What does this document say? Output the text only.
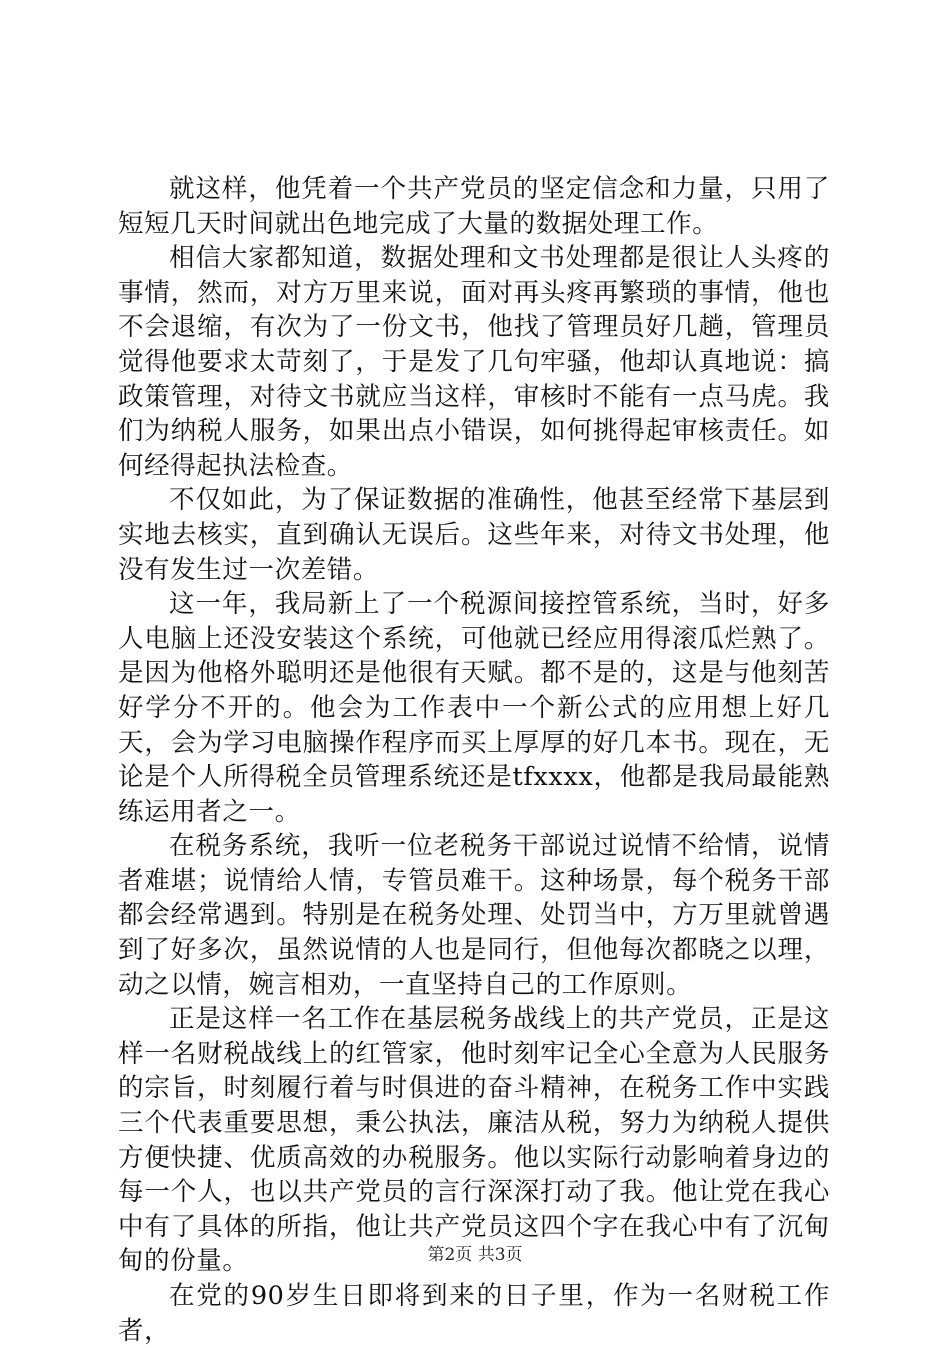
就这样，他凭着一个共产党员的坚定信念和力量，只用了短短几天时间就出色地完成了大量的数据处理工作。

相信大家都知道，数据处理和文书处理都是很让人头疼的事情，然而，对方万里来说，面对再头疼再繁琐的事情，他也不会退缩，有次为了一份文书，他找了管理员好几趟，管理员觉得他要求太苛刻了，于是发了几句牢骚，他却认真地说：搞政策管理，对待文书就应当这样，审核时不能有一点马虎。我们为纳税人服务，如果出点小错误，如何挑得起审核责任。如何经得起执法检查。

不仅如此，为了保证数据的准确性，他甚至经常下基层到实地去核实，直到确认无误后。这些年来，对待文书处理，他没有发生过一次差错。

这一年，我局新上了一个税源间接控管系统，当时，好多人电脑上还没安装这个系统，可他就已经应用得滚瓜烂熟了。是因为他格外聪明还是他很有天赋。都不是的，这是与他刻苦好学分不开的。他会为工作表中一个新公式的应用想上好几天，会为学习电脑操作程序而买上厚厚的好几本书。现在，无论是个人所得税全员管理系统还是tfxxxx，他都是我局最能熟练运用者之一。

在税务系统，我听一位老税务干部说过说情不给情，说情者难堪；说情给人情，专管员难干。这种场景，每个税务干部都会经常遇到。特别是在税务处理、处罚当中，方万里就曾遇到了好多次，虽然说情的人也是同行，但他每次都晓之以理，动之以情，婉言相劝，一直坚持自己的工作原则。

正是这样一名工作在基层税务战线上的共产党员，正是这样一名财税战线上的红管家，他时刻牢记全心全意为人民服务的宗旨，时刻履行着与时俱进的奋斗精神，在税务工作中实践三个代表重要思想，秉公执法，廉洁从税，努力为纳税人提供方便快捷、优质高效的办税服务。他以实际行动影响着身边的每一个人，也以共产党员的言行深深打动了我。他让党在我心中有了具体的所指，他让共产党员这四个字在我心中有了沉甸甸的份量。

在党的90岁生日即将到来的日子里，作为一名财税工作者，

第2页 共3页
